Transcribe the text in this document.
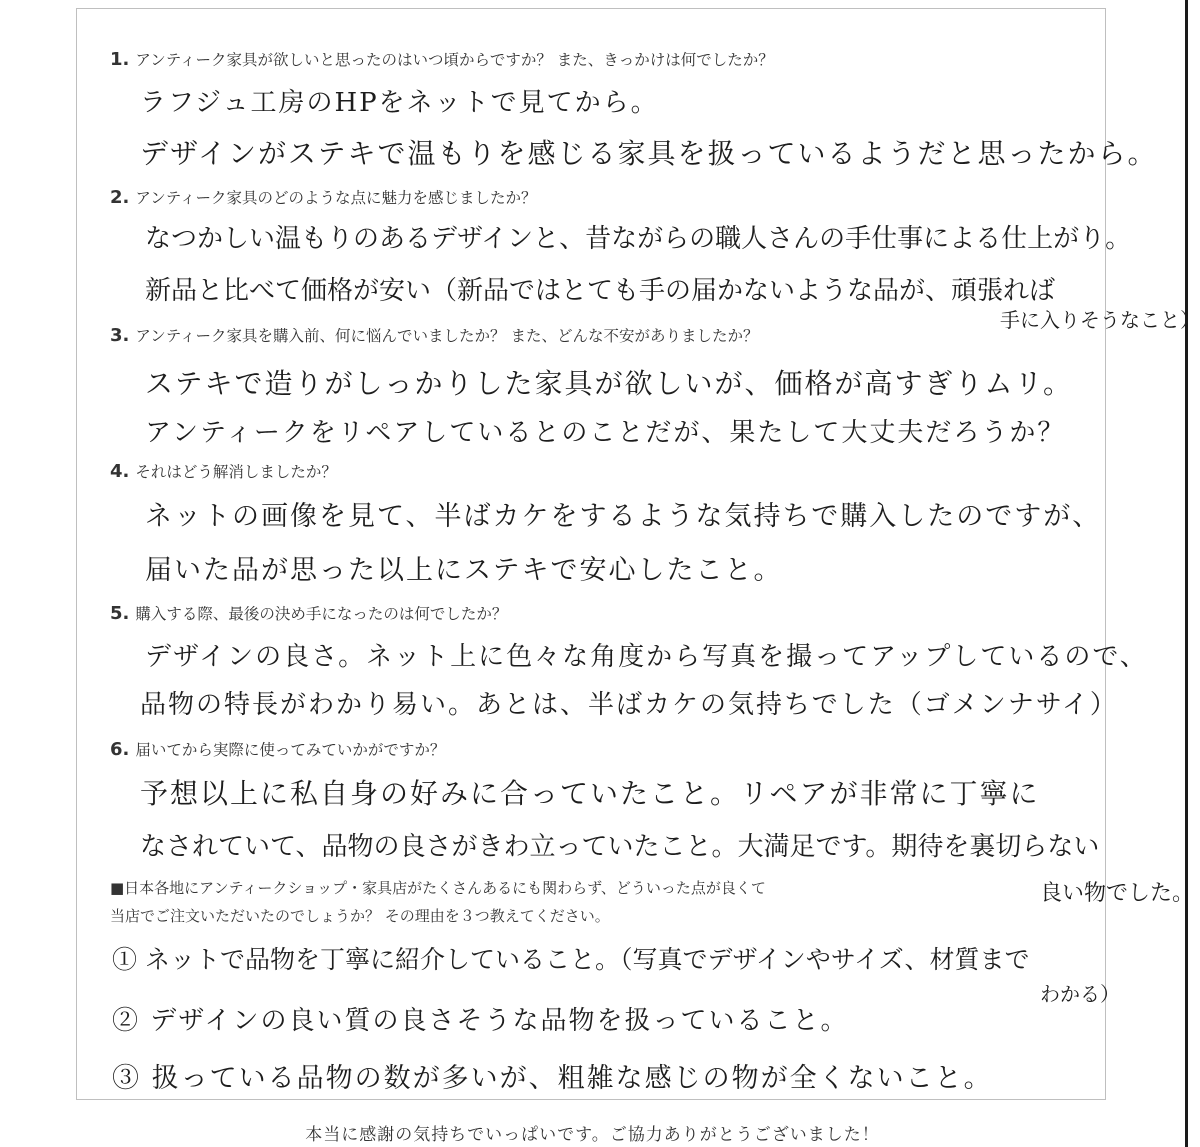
1. アンティーク家具が欲しいと思ったのはいつ頃からですか？ また、きっかけは何でしたか？
ラフジュ工房のHPをネットで見てから。
デザインがステキで温もりを感じる家具を扱っているようだと思ったから。
2. アンティーク家具のどのような点に魅力を感じましたか？
なつかしい温もりのあるデザインと、昔ながらの職人さんの手仕事による仕上がり。
新品と比べて価格が安い（新品ではとても手の届かないような品が、頑張れば
手に入りそうなこと）
3. アンティーク家具を購入前、何に悩んでいましたか？ また、どんな不安がありましたか？
ステキで造りがしっかりした家具が欲しいが、価格が高すぎりムリ。
アンティークをリペアしているとのことだが、果たして大丈夫だろうか？
4. それはどう解消しましたか？
ネットの画像を見て、半ばカケをするような気持ちで購入したのですが、
届いた品が思った以上にステキで安心したこと。
5. 購入する際、最後の決め手になったのは何でしたか？
デザインの良さ。ネット上に色々な角度から写真を撮ってアップしているので、
品物の特長がわかり易い。あとは、半ばカケの気持ちでした（ゴメンナサイ）
6. 届いてから実際に使ってみていかがですか？
予想以上に私自身の好みに合っていたこと。リペアが非常に丁寧に
なされていて、品物の良さがきわ立っていたこと。大満足です。期待を裏切らない
良い物でした。
■日本各地にアンティークショップ・家具店がたくさんあるにも関わらず、どういった点が良くて
当店でご注文いただいたのでしょうか？ その理由を３つ教えてください。
① ネットで品物を丁寧に紹介していること。（写真でデザインやサイズ、材質まで
わかる）
② デザインの良い質の良さそうな品物を扱っていること。
③ 扱っている品物の数が多いが、粗雑な感じの物が全くないこと。
本当に感謝の気持ちでいっぱいです。ご協力ありがとうございました！
